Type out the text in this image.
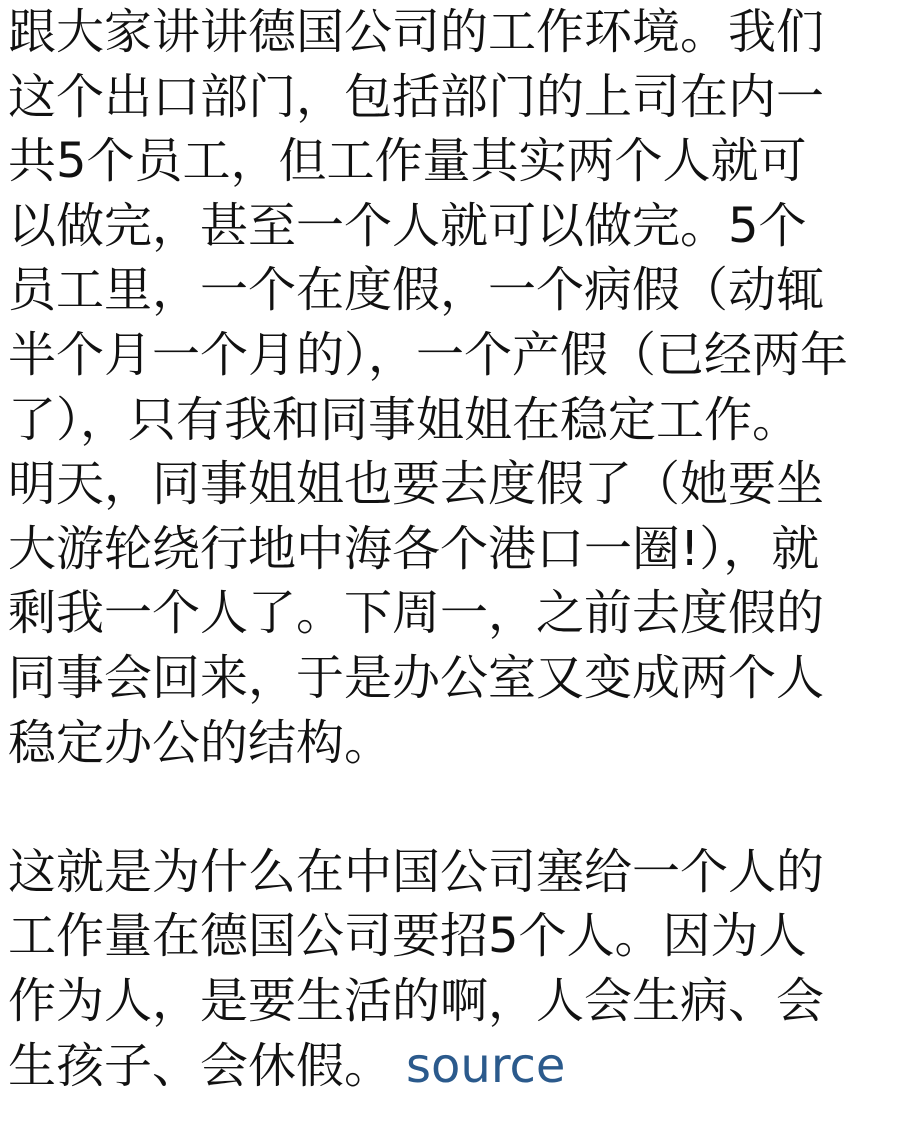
跟大家讲讲德国公司的工作环境。我们
这个出口部门，包括部门的上司在内一
共5个员工，但工作量其实两个人就可
以做完，甚至一个人就可以做完。5个
员工里，一个在度假，一个病假（动辄
半个月一个月的），一个产假（已经两年
了），只有我和同事姐姐在稳定工作。
明天，同事姐姐也要去度假了（她要坐
大游轮绕行地中海各个港口一圈!），就
剩我一个人了。下周一，之前去度假的
同事会回来，于是办公室又变成两个人
稳定办公的结构。
这就是为什么在中国公司塞给一个人的
工作量在德国公司要招5个人。因为人
作为人，是要生活的啊，人会生病、会
生孩子、会休假。 source
